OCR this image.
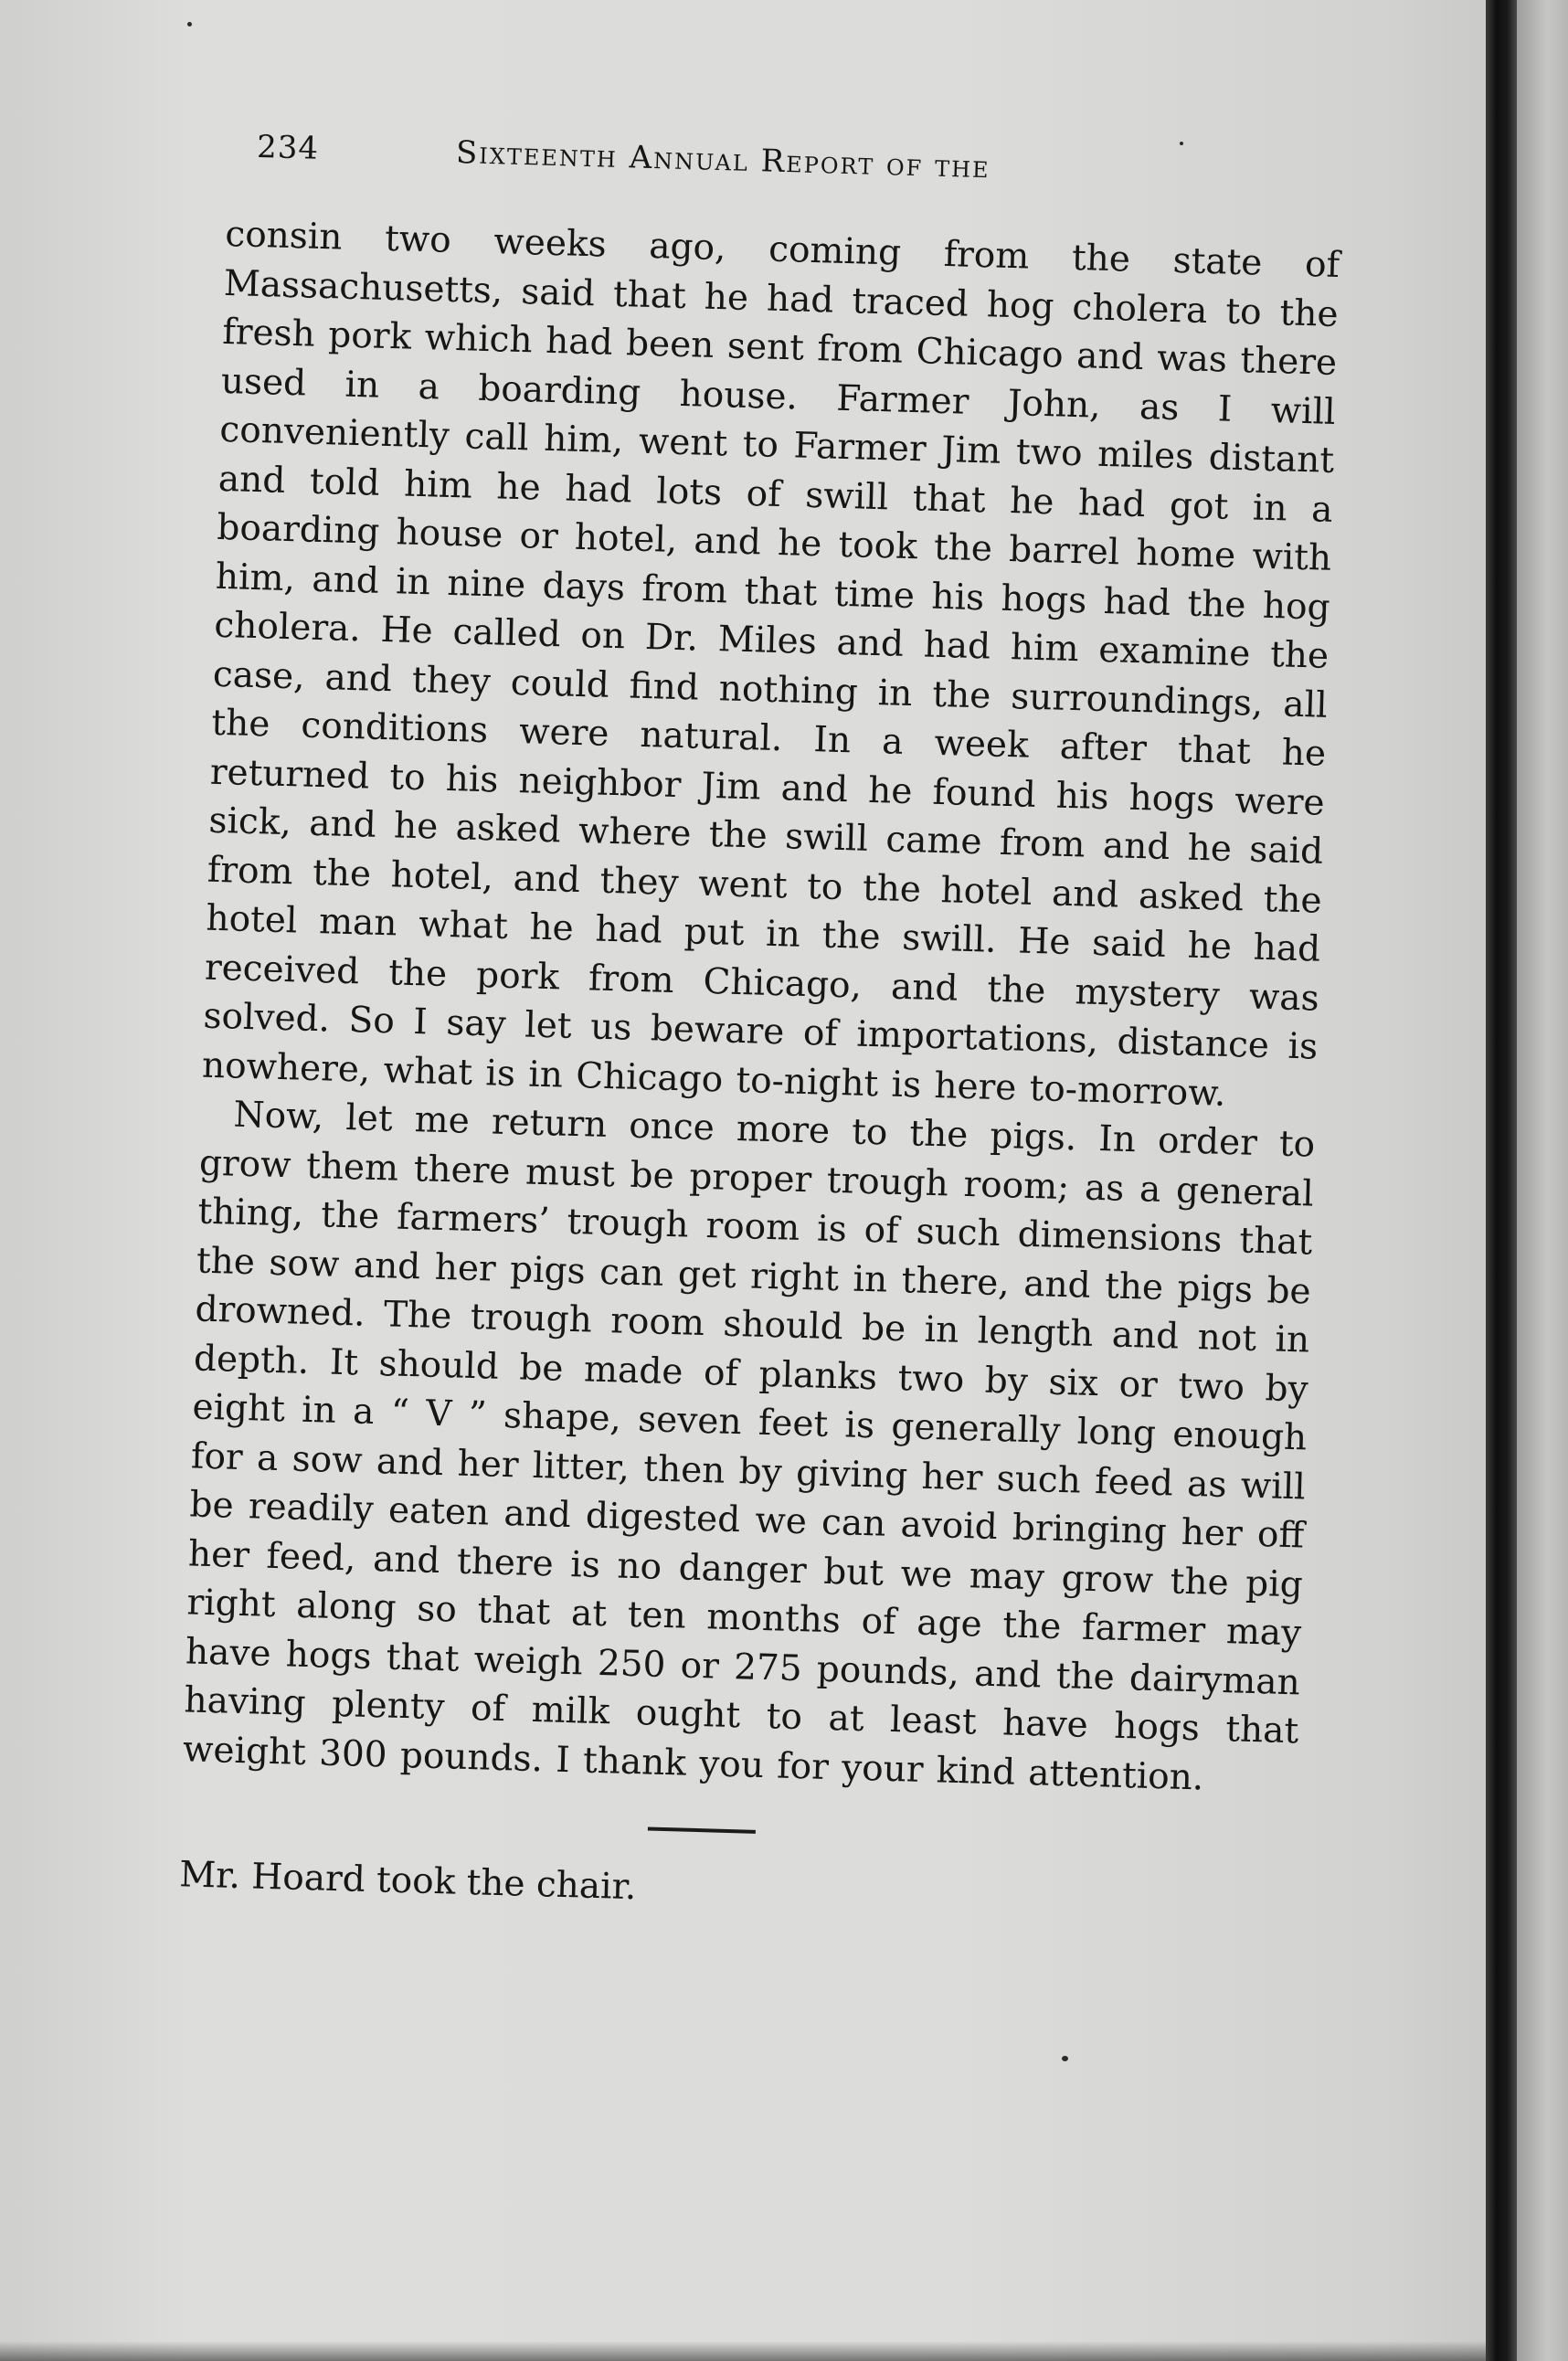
234	Sixteenth Annual Report of the

consin two weeks ago, coming from the state of Massachusetts, said that he had traced hog cholera to the fresh pork which had been sent from Chicago and was there used in a boarding house. Farmer John, as I will conveniently call him, went to Farmer Jim two miles distant and told him he had lots of swill that he had got in a boarding house or hotel, and he took the barrel home with him, and in nine days from that time his hogs had the hog cholera. He called on Dr. Miles and had him examine the case, and they could find nothing in the surroundings, all the conditions were natural. In a week after that he returned to his neighbor Jim and he found his hogs were sick, and he asked where the swill came from and he said from the hotel, and they went to the hotel and asked the hotel man what he had put in the swill. He said he had received the pork from Chicago, and the mystery was solved. So I say let us beware of importations, distance is nowhere, what is in Chicago to-night is here to-morrow.

Now, let me return once more to the pigs. In order to grow them there must be proper trough room; as a general thing, the farmers’ trough room is of such dimensions that the sow and her pigs can get right in there, and the pigs be drowned. The trough room should be in length and not in depth. It should be made of planks two by six or two by eight in a “ V ” shape, seven feet is generally long enough for a sow and her litter, then by giving her such feed as will be readily eaten and digested we can avoid bringing her off her feed, and there is no danger but we may grow the pig right along so that at ten months of age the farmer may have hogs that weigh 250 or 275 pounds, and the dairyman having plenty of milk ought to at least have hogs that weight 300 pounds. I thank you for your kind attention.

Mr. Hoard took the chair.
